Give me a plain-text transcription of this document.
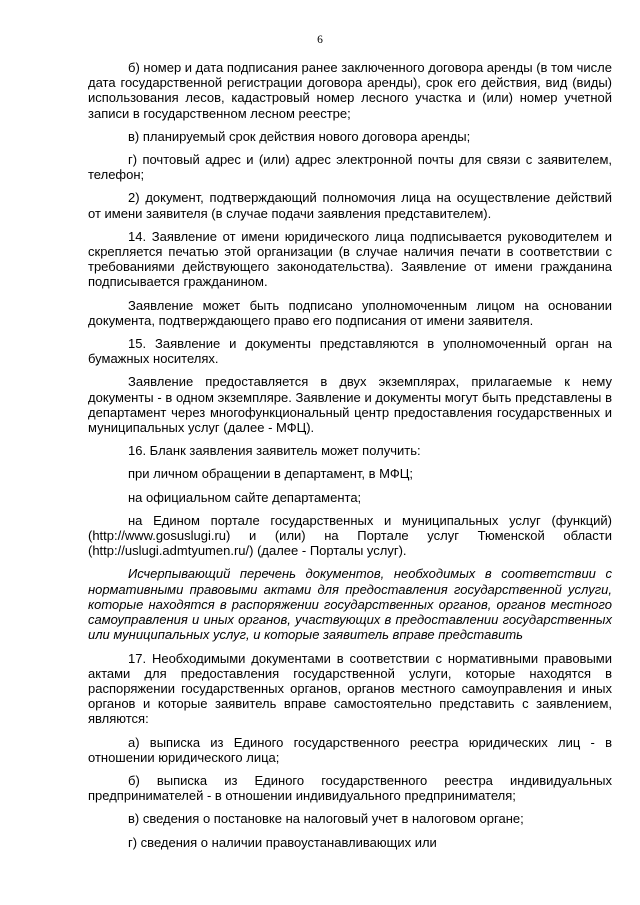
6

б) номер и дата подписания ранее заключенного договора аренды (в том числе дата государственной регистрации договора аренды), срок его действия, вид (виды) использования лесов, кадастровый номер лесного участка и (или) номер учетной записи в государственном лесном реестре;

в) планируемый срок действия нового договора аренды;

г) почтовый адрес и (или) адрес электронной почты для связи с заявителем, телефон;

2) документ, подтверждающий полномочия лица на осуществление действий от имени заявителя (в случае подачи заявления представителем).

14. Заявление от имени юридического лица подписывается руководителем и скрепляется печатью этой организации (в случае наличия печати в соответствии с требованиями действующего законодательства). Заявление от имени гражданина подписывается гражданином.

Заявление может быть подписано уполномоченным лицом на основании документа, подтверждающего право его подписания от имени заявителя.

15. Заявление и документы представляются в уполномоченный орган на бумажных носителях.

Заявление предоставляется в двух экземплярах, прилагаемые к нему документы - в одном экземпляре. Заявление и документы могут быть представлены в департамент через многофункциональный центр предоставления государственных и муниципальных услуг (далее - МФЦ).

16. Бланк заявления заявитель может получить:

при личном обращении в департамент, в МФЦ;

на официальном сайте департамента;

на Едином портале государственных и муниципальных услуг (функций) (http://www.gosuslugi.ru) и (или) на Портале услуг Тюменской области (http://uslugi.admtyumen.ru/) (далее - Порталы услуг).

Исчерпывающий перечень документов, необходимых в соответствии с нормативными правовыми актами для предоставления государственной услуги, которые находятся в распоряжении государственных органов, органов местного самоуправления и иных органов, участвующих в предоставлении государственных или муниципальных услуг, и которые заявитель вправе представить

17. Необходимыми документами в соответствии с нормативными правовыми актами для предоставления государственной услуги, которые находятся в распоряжении государственных органов, органов местного самоуправления и иных органов и которые заявитель вправе самостоятельно представить с заявлением, являются:

а) выписка из Единого государственного реестра юридических лиц - в отношении юридического лица;

б) выписка из Единого государственного реестра индивидуальных предпринимателей - в отношении индивидуального предпринимателя;

в) сведения о постановке на налоговый учет в налоговом органе;

г) сведения о наличии правоустанавливающих или
